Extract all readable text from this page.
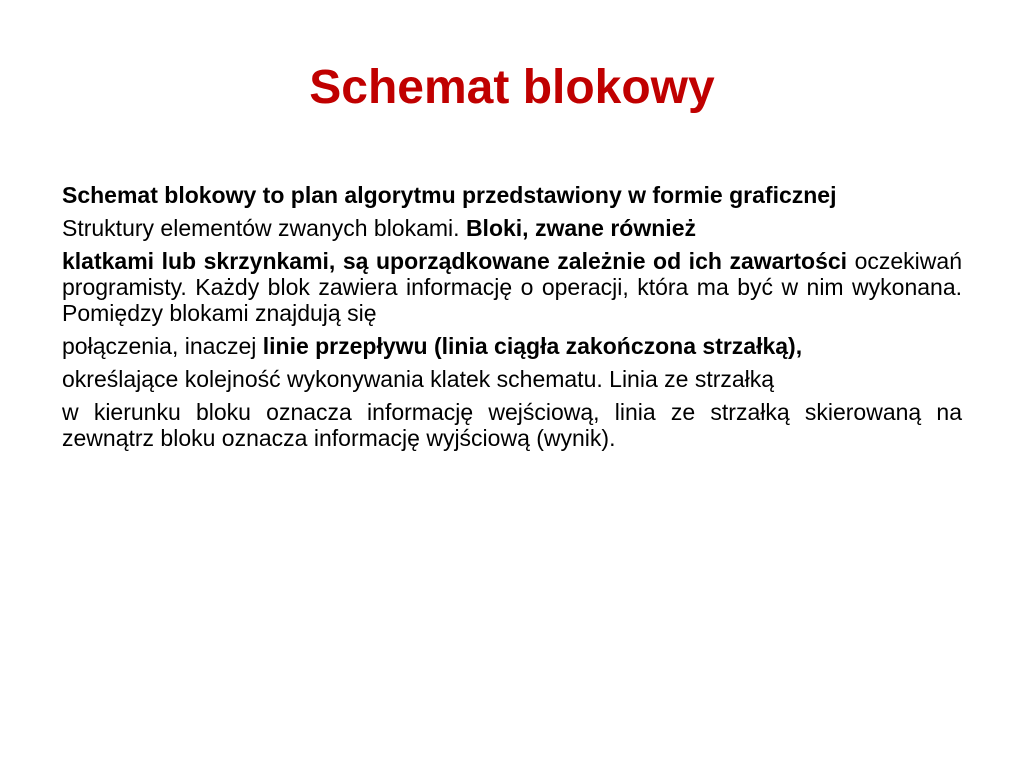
Schemat blokowy

Schemat blokowy to plan algorytmu przedstawiony w formie graficznej

Struktury elementów zwanych blokami. Bloki, zwane również

klatkami lub skrzynkami, są uporządkowane zależnie od ich zawartości oczekiwań programisty. Każdy blok zawiera informację o operacji, która ma być w nim wykonana. Pomiędzy blokami znajdują się

połączenia, inaczej linie przepływu (linia ciągła zakończona strzałką),

określające kolejność wykonywania klatek schematu. Linia ze strzałką

w kierunku bloku oznacza informację wejściową, linia ze strzałką skierowaną na zewnątrz bloku oznacza informację wyjściową (wynik).
